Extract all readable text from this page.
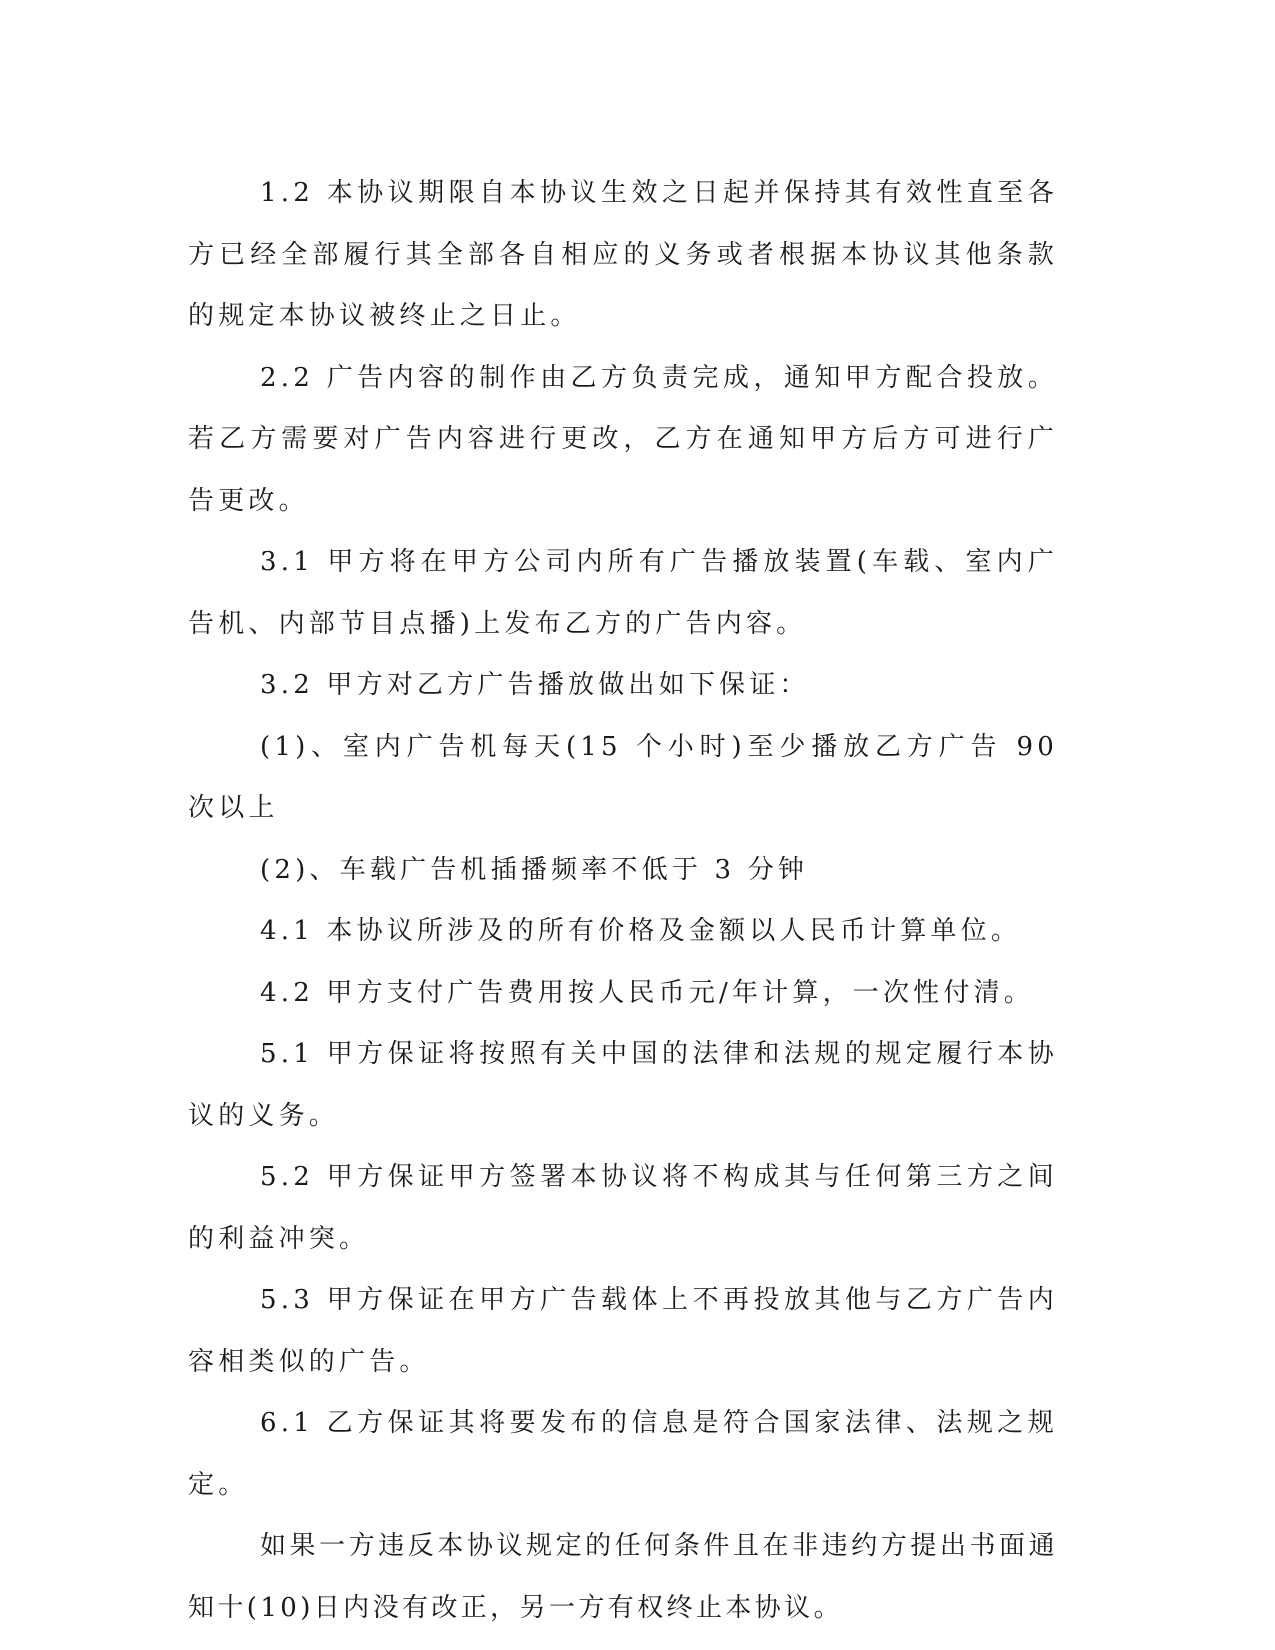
1.2 本协议期限自本协议生效之日起并保持其有效性直至各方已经全部履行其全部各自相应的义务或者根据本协议其他条款的规定本协议被终止之日止。

2.2 广告内容的制作由乙方负责完成，通知甲方配合投放。若乙方需要对广告内容进行更改，乙方在通知甲方后方可进行广告更改。

3.1 甲方将在甲方公司内所有广告播放装置(车载、室内广告机、内部节目点播)上发布乙方的广告内容。

3.2 甲方对乙方广告播放做出如下保证：

(1)、室内广告机每天(15 个小时)至少播放乙方广告 90 次以上

(2)、车载广告机插播频率不低于 3 分钟

4.1 本协议所涉及的所有价格及金额以人民币计算单位。

4.2 甲方支付广告费用按人民币元/年计算，一次性付清。

5.1 甲方保证将按照有关中国的法律和法规的规定履行本协议的义务。

5.2 甲方保证甲方签署本协议将不构成其与任何第三方之间的利益冲突。

5.3 甲方保证在甲方广告载体上不再投放其他与乙方广告内容相类似的广告。

6.1 乙方保证其将要发布的信息是符合国家法律、法规之规定。

如果一方违反本协议规定的任何条件且在非违约方提出书面通知十(10)日内没有改正，另一方有权终止本协议。
